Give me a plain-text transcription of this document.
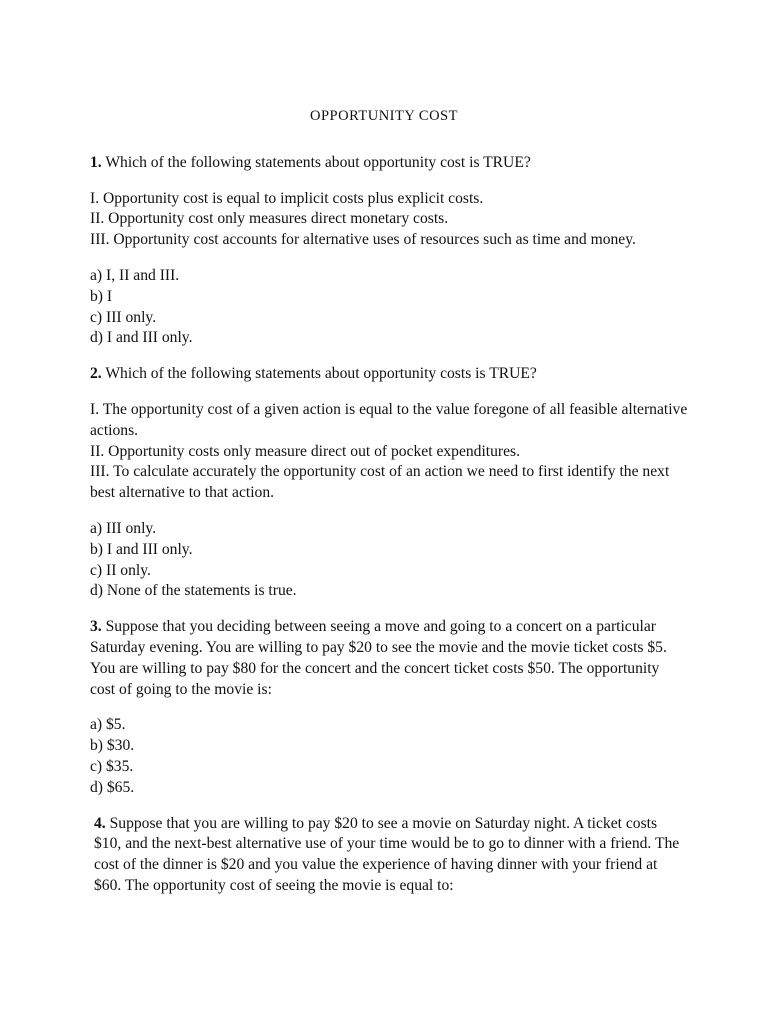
OPPORTUNITY COST

1. Which of the following statements about opportunity cost is TRUE?

I. Opportunity cost is equal to implicit costs plus explicit costs.

II. Opportunity cost only measures direct monetary costs.

III. Opportunity cost accounts for alternative uses of resources such as time and money.

a) I, II and III.

b) I

c) III only.

d) I and III only.

2. Which of the following statements about opportunity costs is TRUE?

I. The opportunity cost of a given action is equal to the value foregone of all feasible alternative actions.

II. Opportunity costs only measure direct out of pocket expenditures.

III. To calculate accurately the opportunity cost of an action we need to first identify the next best alternative to that action.

a) III only.

b) I and III only.

c) II only.

d) None of the statements is true.

3. Suppose that you deciding between seeing a move and going to a concert on a particular Saturday evening. You are willing to pay $20 to see the movie and the movie ticket costs $5. You are willing to pay $80 for the concert and the concert ticket costs $50. The opportunity cost of going to the movie is:

a) $5.

b) $30.

c) $35.

d) $65.

4. Suppose that you are willing to pay $20 to see a movie on Saturday night. A ticket costs $10, and the next-best alternative use of your time would be to go to dinner with a friend. The cost of the dinner is $20 and you value the experience of having dinner with your friend at $60. The opportunity cost of seeing the movie is equal to:
